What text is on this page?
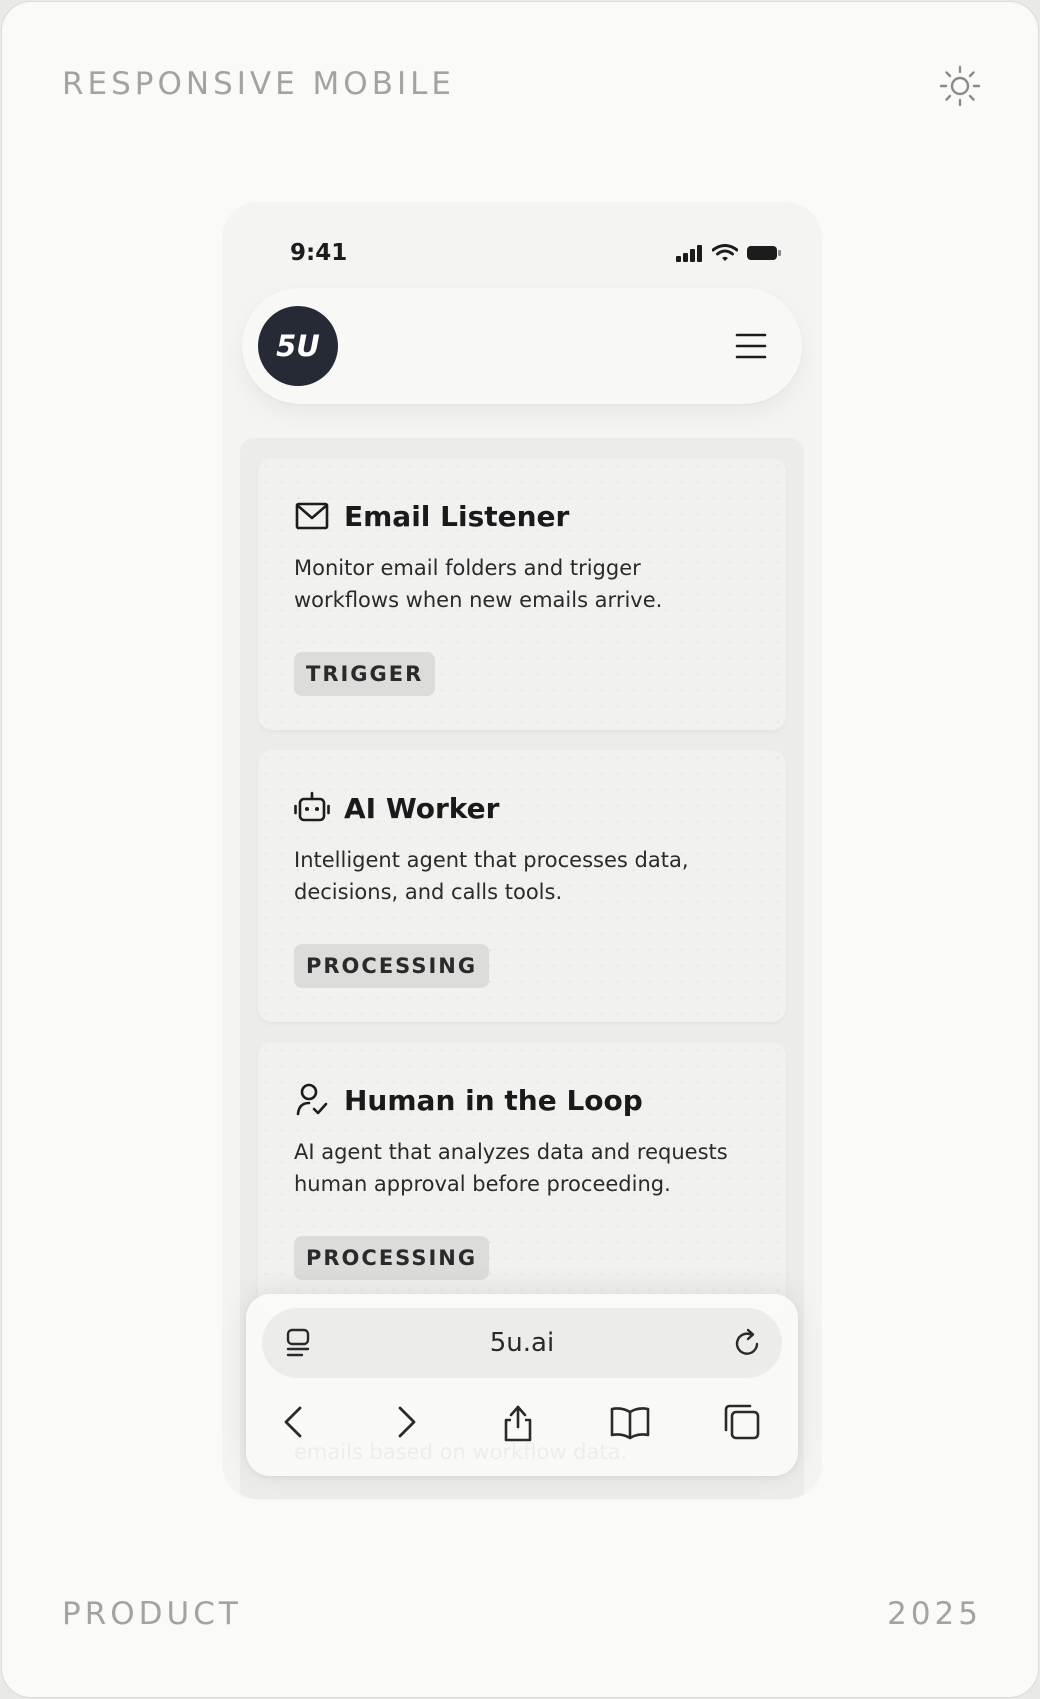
RESPONSIVE MOBILE
9:41
5U
Email Listener
Monitor email folders and trigger workflows when new emails arrive.
TRIGGER
AI Worker
Intelligent agent that processes data, decisions, and calls tools.
PROCESSING
Human in the Loop
AI agent that analyzes data and requests human approval before proceeding.
PROCESSING
5u.ai
PRODUCT	2025
